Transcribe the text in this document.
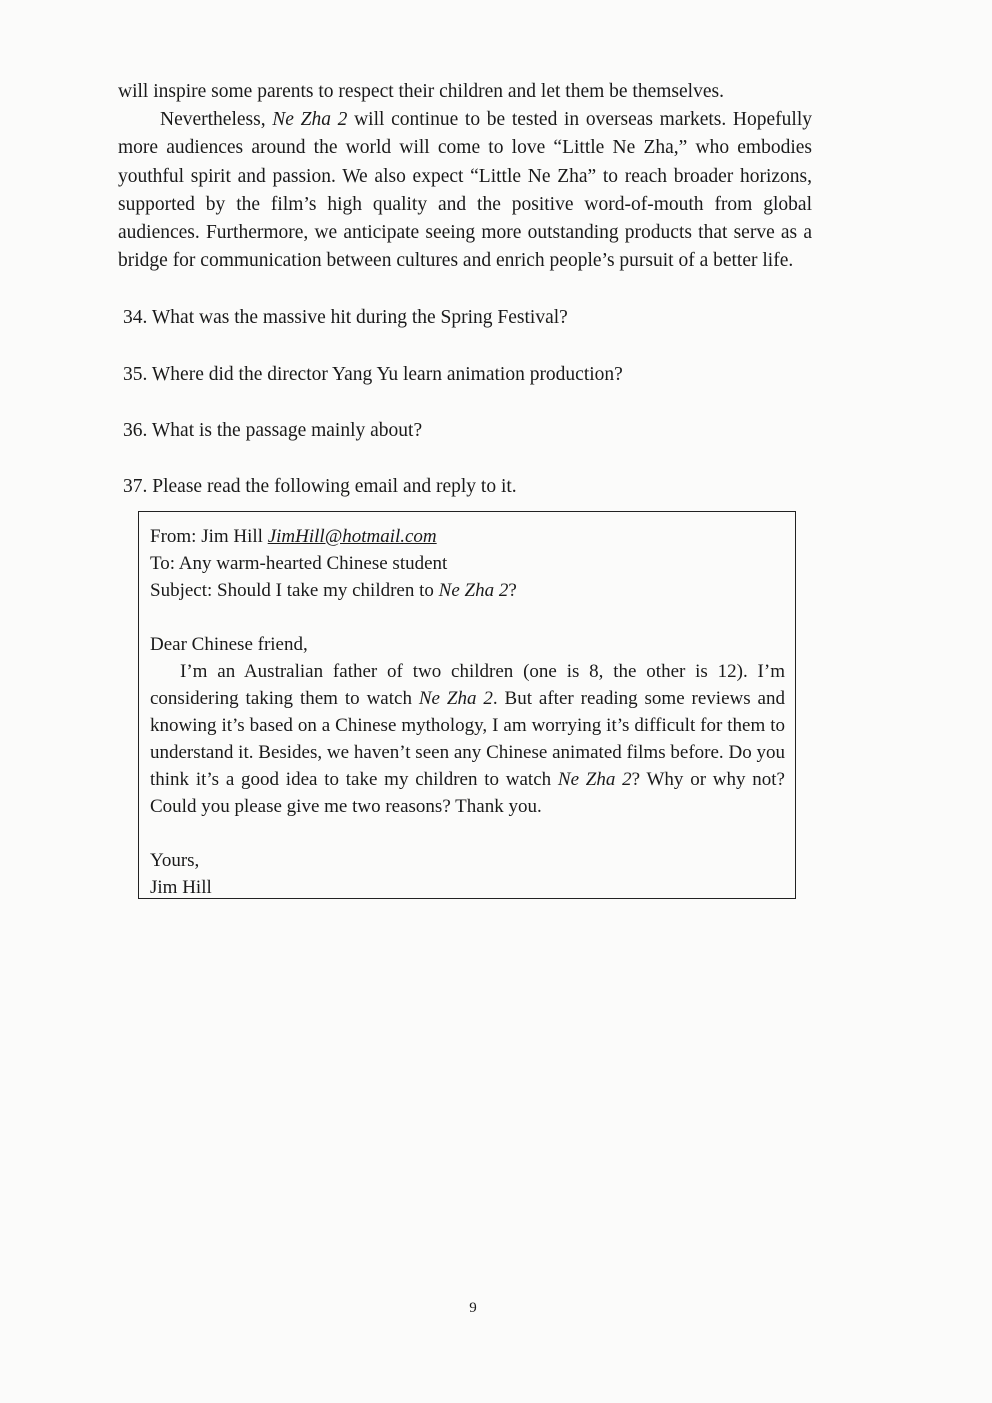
will inspire some parents to respect their children and let them be themselves.

Nevertheless, Ne Zha 2 will continue to be tested in overseas markets. Hopefully more audiences around the world will come to love “Little Ne Zha,” who embodies youthful spirit and passion. We also expect “Little Ne Zha” to reach broader horizons, supported by the film’s high quality and the positive word-of-mouth from global audiences. Furthermore, we anticipate seeing more outstanding products that serve as a bridge for communication between cultures and enrich people’s pursuit of a better life.

34. What was the massive hit during the Spring Festival?
35. Where did the director Yang Yu learn animation production?
36. What is the passage mainly about?
37. Please read the following email and reply to it.

From: Jim Hill JimHill@hotmail.com

To: Any warm-hearted Chinese student

Subject: Should I take my children to Ne Zha 2?

Dear Chinese friend,

I’m an Australian father of two children (one is 8, the other is 12). I’m considering taking them to watch Ne Zha 2. But after reading some reviews and knowing it’s based on a Chinese mythology, I am worrying it’s difficult for them to understand it. Besides, we haven’t seen any Chinese animated films before. Do you think it’s a good idea to take my children to watch Ne Zha 2? Why or why not? Could you please give me two reasons? Thank you.

Yours,

Jim Hill

9
